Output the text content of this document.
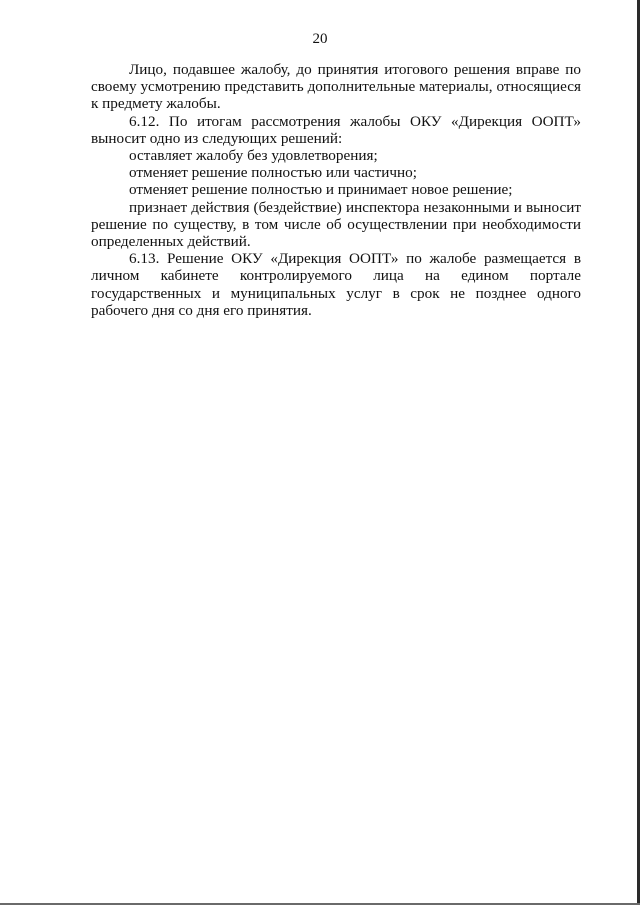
20

Лицо, подавшее жалобу, до принятия итогового решения вправе по своему усмотрению представить дополнительные материалы, относящиеся к предмету жалобы.

6.12. По итогам рассмотрения жалобы ОКУ «Дирекция ООПТ» выносит одно из следующих решений:

оставляет жалобу без удовлетворения;

отменяет решение полностью или частично;

отменяет решение полностью и принимает новое решение;

признает действия (бездействие) инспектора незаконными и выносит решение по существу, в том числе об осуществлении при необходимости определенных действий.

6.13. Решение ОКУ «Дирекция ООПТ» по жалобе размещается в личном кабинете контролируемого лица на едином портале государственных и муниципальных услуг в срок не позднее одного рабочего дня со дня его принятия.
